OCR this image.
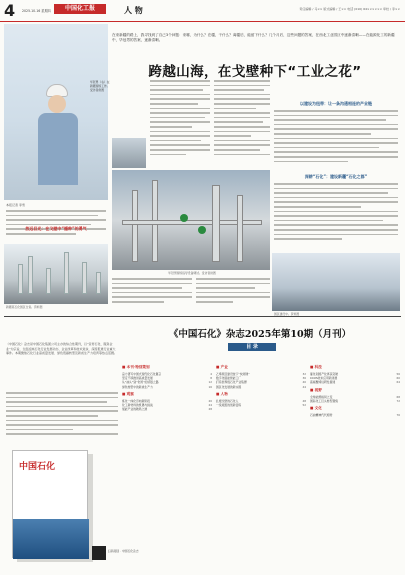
4 2025.10.16 星期四	中国化工报	人 物	责任编辑 / 马×× 版式编辑 / 王×× 电话 (010) 64×××××× 审校 / 李××
毕冠男（右）在新疆现场工作。受访者供图
在来新疆的路上，我寻找到了自己3个问题：来哪，为什么？在疆，干什么？离疆后，能留下什么？几个月后，这些问题的答案，在西北工业园区中逐渐清晰——在能源化工的新疆中，毕冠男的答案，逐渐清晰。
跨越山海，在戈壁种下“工业之花”
本报记者 李雪
以建设为纽带：让一条沟通相连的产业链
深耕“石化”：建设新疆“石化之都”
毕冠男现场指导设备调试。受访者供图
放远目光：在戈壁中“播种”的勇气
新疆某石化园区全景。资料图
园区建设中。资料图
《中国石化》杂志2025年第10期（月刊）
目 录
《中国石化》杂志是中国石化集团公司主办的综合性期刊，以“宣传石化、服务企业”为宗旨，全面反映石化行业发展动态、企业改革和技术进步，深度报道行业重大事件。本期聚焦石化行业高质量发展、绿色低碳转型及新质生产力培育等热点话题。
中国石化
扫码阅读 · 中国石化杂志
■ 本刊·特别策划
奋力谱写中国式现代化石化篇章	4
坚定不移推进高质量发展	8
从“油头”到“化尾”的延链之路	12
绿色转型中的新质生产力	16
■ 观察
炼化一体化迈向新阶段	20
化工新材料的机遇与挑战	24
氢能产业的破局之道	28
■ 产业
乙烯项目建设按下“快进键”	32
数字化赋能智能工厂	36
打造世界级石化产业集群	40
园区化发展的新实践	44
■ 人物
扎根戈壁的石化人	48
一线班组的创新密码	52
■ 科技
催化剂国产化再获突破	56
CCUS技术应用新进展	60
高端聚烯烃研发提速	64
■ 视野
全球能源格局之变	68
国际化工巨头转型观察	72
■ 文化
石油精神代代相传	76
